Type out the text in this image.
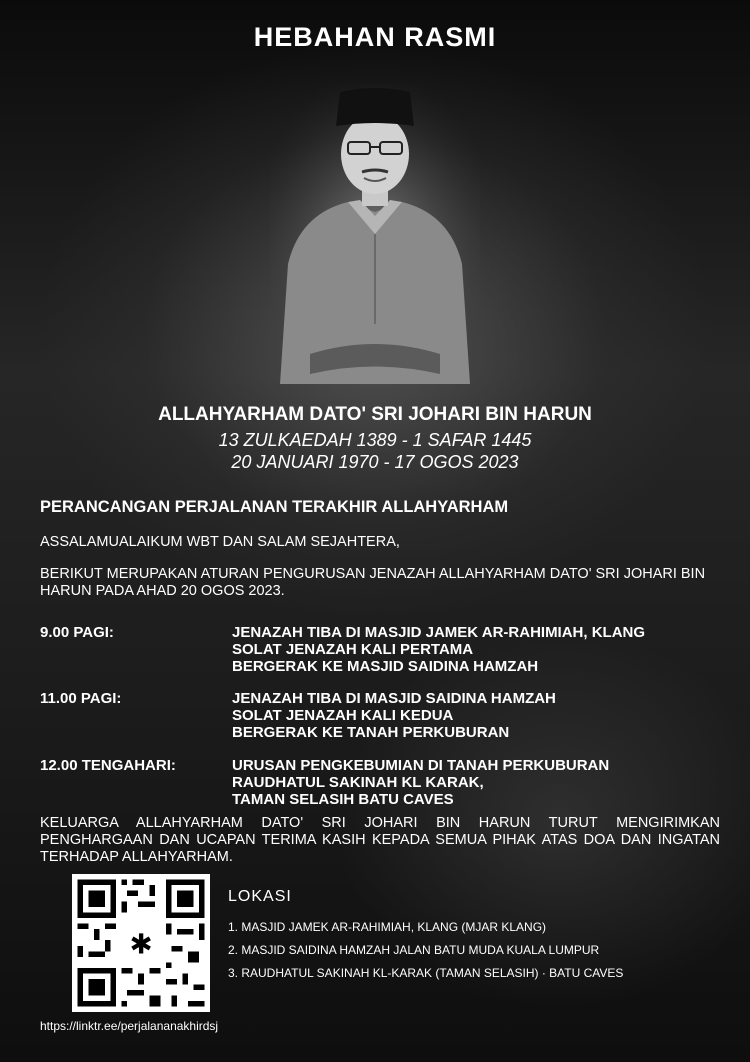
HEBAHAN RASMI
ALLAHYARHAM DATO' SRI JOHARI BIN HARUN
13 ZULKAEDAH 1389 - 1 SAFAR 1445
20 JANUARI 1970 - 17 OGOS 2023
PERANCANGAN PERJALANAN TERAKHIR ALLAHYARHAM
ASSALAMUALAIKUM WBT DAN SALAM SEJAHTERA,
BERIKUT MERUPAKAN ATURAN PENGURUSAN JENAZAH ALLAHYARHAM DATO' SRI JOHARI BIN HARUN PADA AHAD 20 OGOS 2023.
9.00 PAGI:	JENAZAH TIBA DI MASJID JAMEK AR-RAHIMIAH, KLANG
SOLAT JENAZAH KALI PERTAMA
BERGERAK KE MASJID SAIDINA HAMZAH
11.00 PAGI:	JENAZAH TIBA DI MASJID SAIDINA HAMZAH
SOLAT JENAZAH KALI KEDUA
BERGERAK KE TANAH PERKUBURAN
12.00 TENGAHARI:	URUSAN PENGKEBUMIAN DI TANAH PERKUBURAN
RAUDHATUL SAKINAH KL KARAK,
TAMAN SELASIH BATU CAVES
KELUARGA ALLAHYARHAM DATO' SRI JOHARI BIN HARUN TURUT MENGIRIMKAN PENGHARGAAN DAN UCAPAN TERIMA KASIH KEPADA SEMUA PIHAK ATAS DOA DAN INGATAN TERHADAP ALLAHYARHAM.
✱
LOKASI
1. MASJID JAMEK AR-RAHIMIAH, KLANG (MJAR KLANG)
2. MASJID SAIDINA HAMZAH JALAN BATU MUDA KUALA LUMPUR
3. RAUDHATUL SAKINAH KL-KARAK (TAMAN SELASIH) · BATU CAVES
https://linktr.ee/perjalananakhirdsj
